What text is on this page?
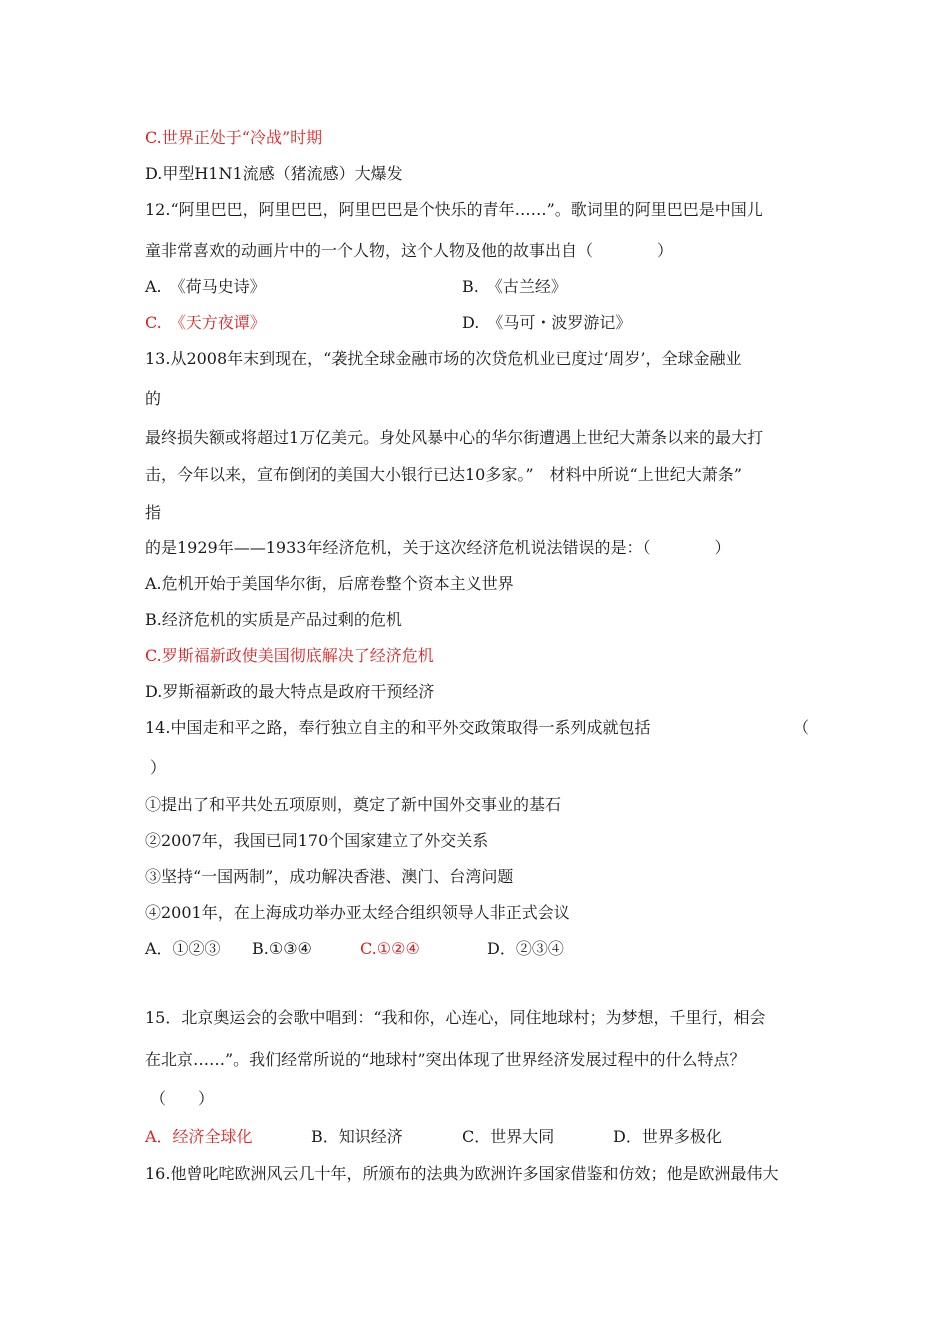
C.世界正处于“冷战”时期
D.甲型H1N1流感（猪流感）大爆发
12.“阿里巴巴，阿里巴巴，阿里巴巴是个快乐的青年……”。歌词里的阿里巴巴是中国儿
童非常喜欢的动画片中的一个人物，这个人物及他的故事出自（　　　　）
A.　《荷马史诗》	B.　《古兰经》
C.　《天方夜谭》	D.　《马可・波罗游记》
13.从2008年末到现在，“袭扰全球金融市场的次贷危机业已度过‘周岁’，全球金融业
的
最终损失额或将超过1万亿美元。身处风暴中心的华尔街遭遇上世纪大萧条以来的最大打
击，今年以来，宣布倒闭的美国大小银行已达10多家。”　材料中所说“上世纪大萧条”
指
的是1929年——1933年经济危机，关于这次经济危机说法错误的是：（　　　　）
A.危机开始于美国华尔街，后席卷整个资本主义世界
B.经济危机的实质是产品过剩的危机
C.罗斯福新政使美国彻底解决了经济危机
D.罗斯福新政的最大特点是政府干预经济
14.中国走和平之路，奉行独立自主的和平外交政策取得一系列成就包括	（
）
①提出了和平共处五项原则，奠定了新中国外交事业的基石
②2007年，我国已同170个国家建立了外交关系
③坚持“一国两制”，成功解决香港、澳门、台湾问题
④2001年，在上海成功举办亚太经合组织领导人非正式会议
A．①②③ B.①③④	C.①②④	D．②③④
15．北京奥运会的会歌中唱到：“我和你，心连心，同住地球村；为梦想，千里行，相会
在北京……”。我们经常所说的“地球村”突出体现了世界经济发展过程中的什么特点？
（　　）
A．经济全球化	B．知识经济	C．世界大同	D．世界多极化
16.他曾叱咤欧洲风云几十年，所颁布的法典为欧洲许多国家借鉴和仿效；他是欧洲最伟大
